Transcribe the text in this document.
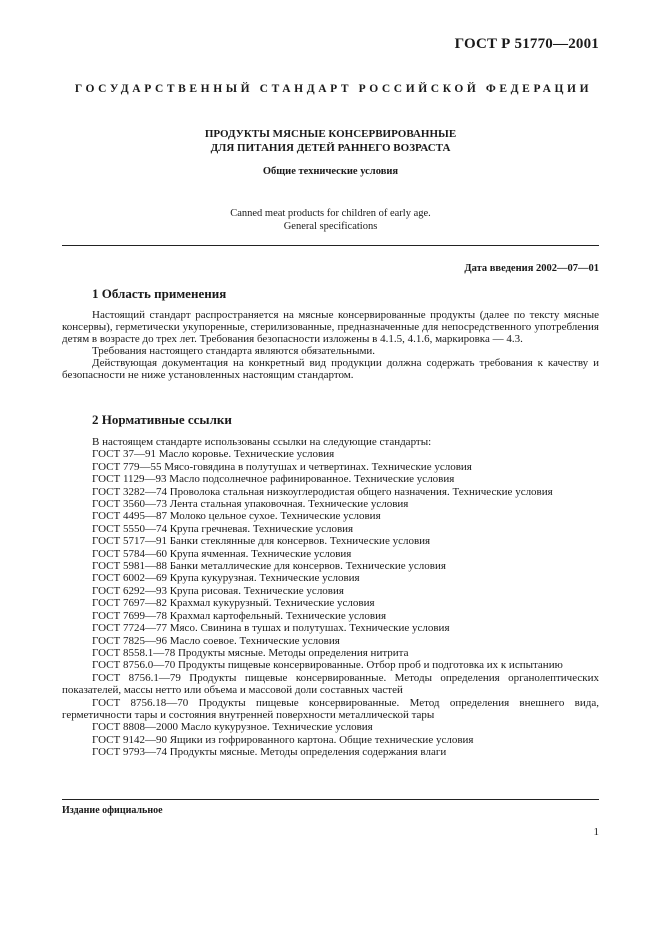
ГОСТ Р 51770—2001
ГОСУДАРСТВЕННЫЙ СТАНДАРТ РОССИЙСКОЙ ФЕДЕРАЦИИ
ПРОДУКТЫ МЯСНЫЕ КОНСЕРВИРОВАННЫЕ
ДЛЯ ПИТАНИЯ ДЕТЕЙ РАННЕГО ВОЗРАСТА
Общие технические условия
Canned meat products for children of early age.
General specifications
Дата введения 2002—07—01
1 Область применения

Настоящий стандарт распространяется на мясные консервированные продукты (далее по тексту мясные консервы), герметически укупоренные, стерилизованные, предназначенные для непосредственного употребления детям в возрасте до трех лет. Требования безопасности изложены в 4.1.5, 4.1.6, маркировка — 4.3.

Требования настоящего стандарта являются обязательными.

Действующая документация на конкретный вид продукции должна содержать требования к качеству и безопасности не ниже установленных настоящим стандартом.

2 Нормативные ссылки

В настоящем стандарте использованы ссылки на следующие стандарты:

ГОСТ 37—91 Масло коровье. Технические условия

ГОСТ 779—55 Мясо-говядина в полутушах и четвертинах. Технические условия

ГОСТ 1129—93 Масло подсолнечное рафинированное. Технические условия

ГОСТ 3282—74 Проволока стальная низкоуглеродистая общего назначения. Технические условия

ГОСТ 3560—73 Лента стальная упаковочная. Технические условия

ГОСТ 4495—87 Молоко цельное сухое. Технические условия

ГОСТ 5550—74 Крупа гречневая. Технические условия

ГОСТ 5717—91 Банки стеклянные для консервов. Технические условия

ГОСТ 5784—60 Крупа ячменная. Технические условия

ГОСТ 5981—88 Банки металлические для консервов. Технические условия

ГОСТ 6002—69 Крупа кукурузная. Технические условия

ГОСТ 6292—93 Крупа рисовая. Технические условия

ГОСТ 7697—82 Крахмал кукурузный. Технические условия

ГОСТ 7699—78 Крахмал картофельный. Технические условия

ГОСТ 7724—77 Мясо. Свинина в тушах и полутушах. Технические условия

ГОСТ 7825—96 Масло соевое. Технические условия

ГОСТ 8558.1—78 Продукты мясные. Методы определения нитрита

ГОСТ 8756.0—70 Продукты пищевые консервированные. Отбор проб и подготовка их к испытанию

ГОСТ 8756.1—79 Продукты пищевые консервированные. Методы определения органолептических показателей, массы нетто или объема и массовой доли составных частей

ГОСТ 8756.18—70 Продукты пищевые консервированные. Метод определения внешнего вида, герметичности тары и состояния внутренней поверхности металлической тары

ГОСТ 8808—2000 Масло кукурузное. Технические условия

ГОСТ 9142—90 Ящики из гофрированного картона. Общие технические условия

ГОСТ 9793—74 Продукты мясные. Методы определения содержания влаги

Издание официальное
1
